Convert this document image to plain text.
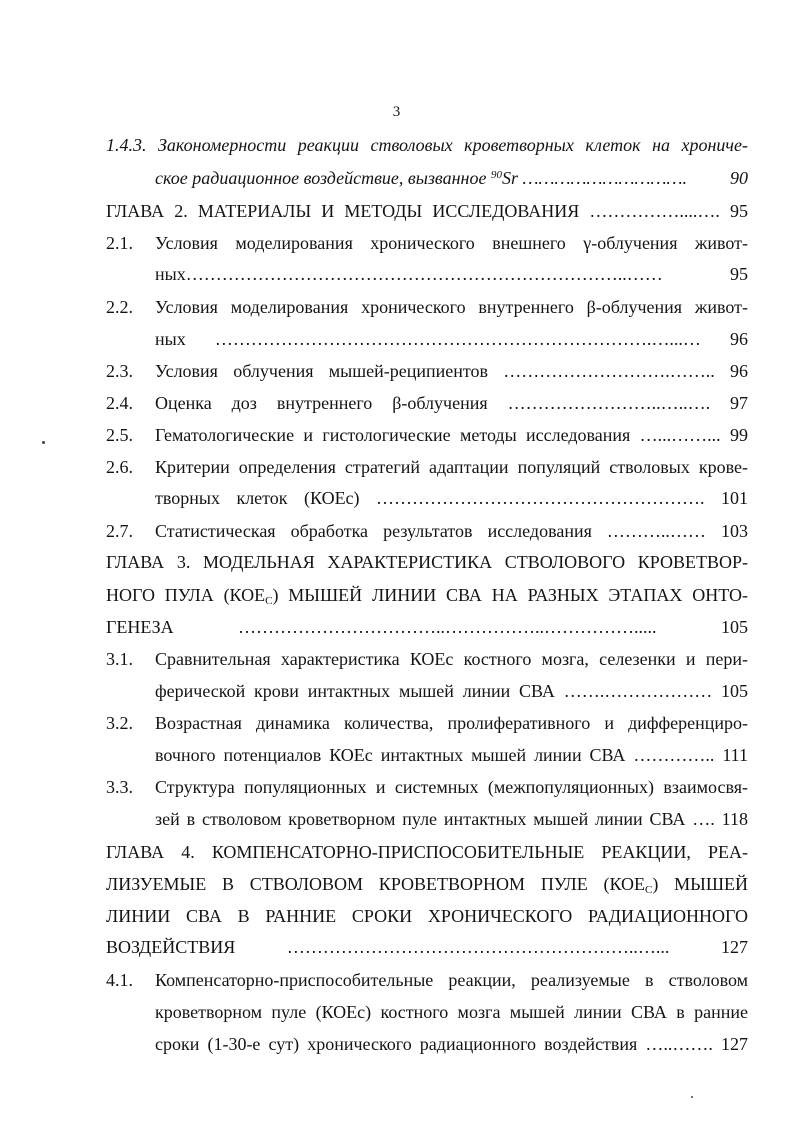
3
1.4.3. Закономерности реакции стволовых кроветворных клеток на хрониче-
ское радиационное воздействие, вызванное $^{90}$Sr …………………………. 90
ГЛАВА 2. МАТЕРИАЛЫ И МЕТОДЫ ИССЛЕДОВАНИЯ ……………....…. 95
2.1. Условия моделирования хронического внешнего γ-облучения живот-
ных………………………………………………………………..…… 95
2.2. Условия моделирования хронического внутреннего β-облучения живот-
ных ……………………………………………………………….…...… 96
2.3. Условия облучения мышей-реципиентов ……………………….…….. 96
2.4. Оценка доз внутреннего β-облучения ……………………..…..…. 97
2.5. Гематологические и гистологические методы исследования …...……... 99
2.6. Критерии определения стратегий адаптации популяций стволовых крове-
творных клеток (КОЕс) ………………………………………………. 101
2.7. Статистическая обработка результатов исследования ………..…… 103
ГЛАВА 3. МОДЕЛЬНАЯ ХАРАКТЕРИСТИКА СТВОЛОВОГО КРОВЕТВОР-
НОГО ПУЛА $(КОЕ_С)$ МЫШЕЙ ЛИНИИ СВА НА РАЗНЫХ ЭТАПАХ ОНТО-
ГЕНЕЗА ……………………………..……………..……………..... 105
3.1. Сравнительная характеристика КОЕс костного мозга, селезенки и пери-
ферической крови интактных мышей линии СВА …….……………… 105
3.2. Возрастная динамика количества, пролиферативного и дифференциро-
вочного потенциалов КОЕс интактных мышей линии СВА ………….. 111
3.3. Структура популяционных и системных (межпопуляционных) взаимосвя-
зей в стволовом кроветворном пуле интактных мышей линии СВА …. 118
ГЛАВА 4. КОМПЕНСАТОРНО-ПРИСПОСОБИТЕЛЬНЫЕ РЕАКЦИИ, РЕА-
ЛИЗУЕМЫЕ В СТВОЛОВОМ КРОВЕТВОРНОМ ПУЛЕ $(КОЕ_С)$ МЫШЕЙ
ЛИНИИ СВА В РАННИЕ СРОКИ ХРОНИЧЕСКОГО РАДИАЦИОННОГО
ВОЗДЕЙСТВИЯ …………………………………………………..…... 127
4.1. Компенсаторно-приспособительные реакции, реализуемые в стволовом
кроветворном пуле (КОЕс) костного мозга мышей линии СВА в ранние
сроки (1-30-е сут) хронического радиационного воздействия …..……. 127
